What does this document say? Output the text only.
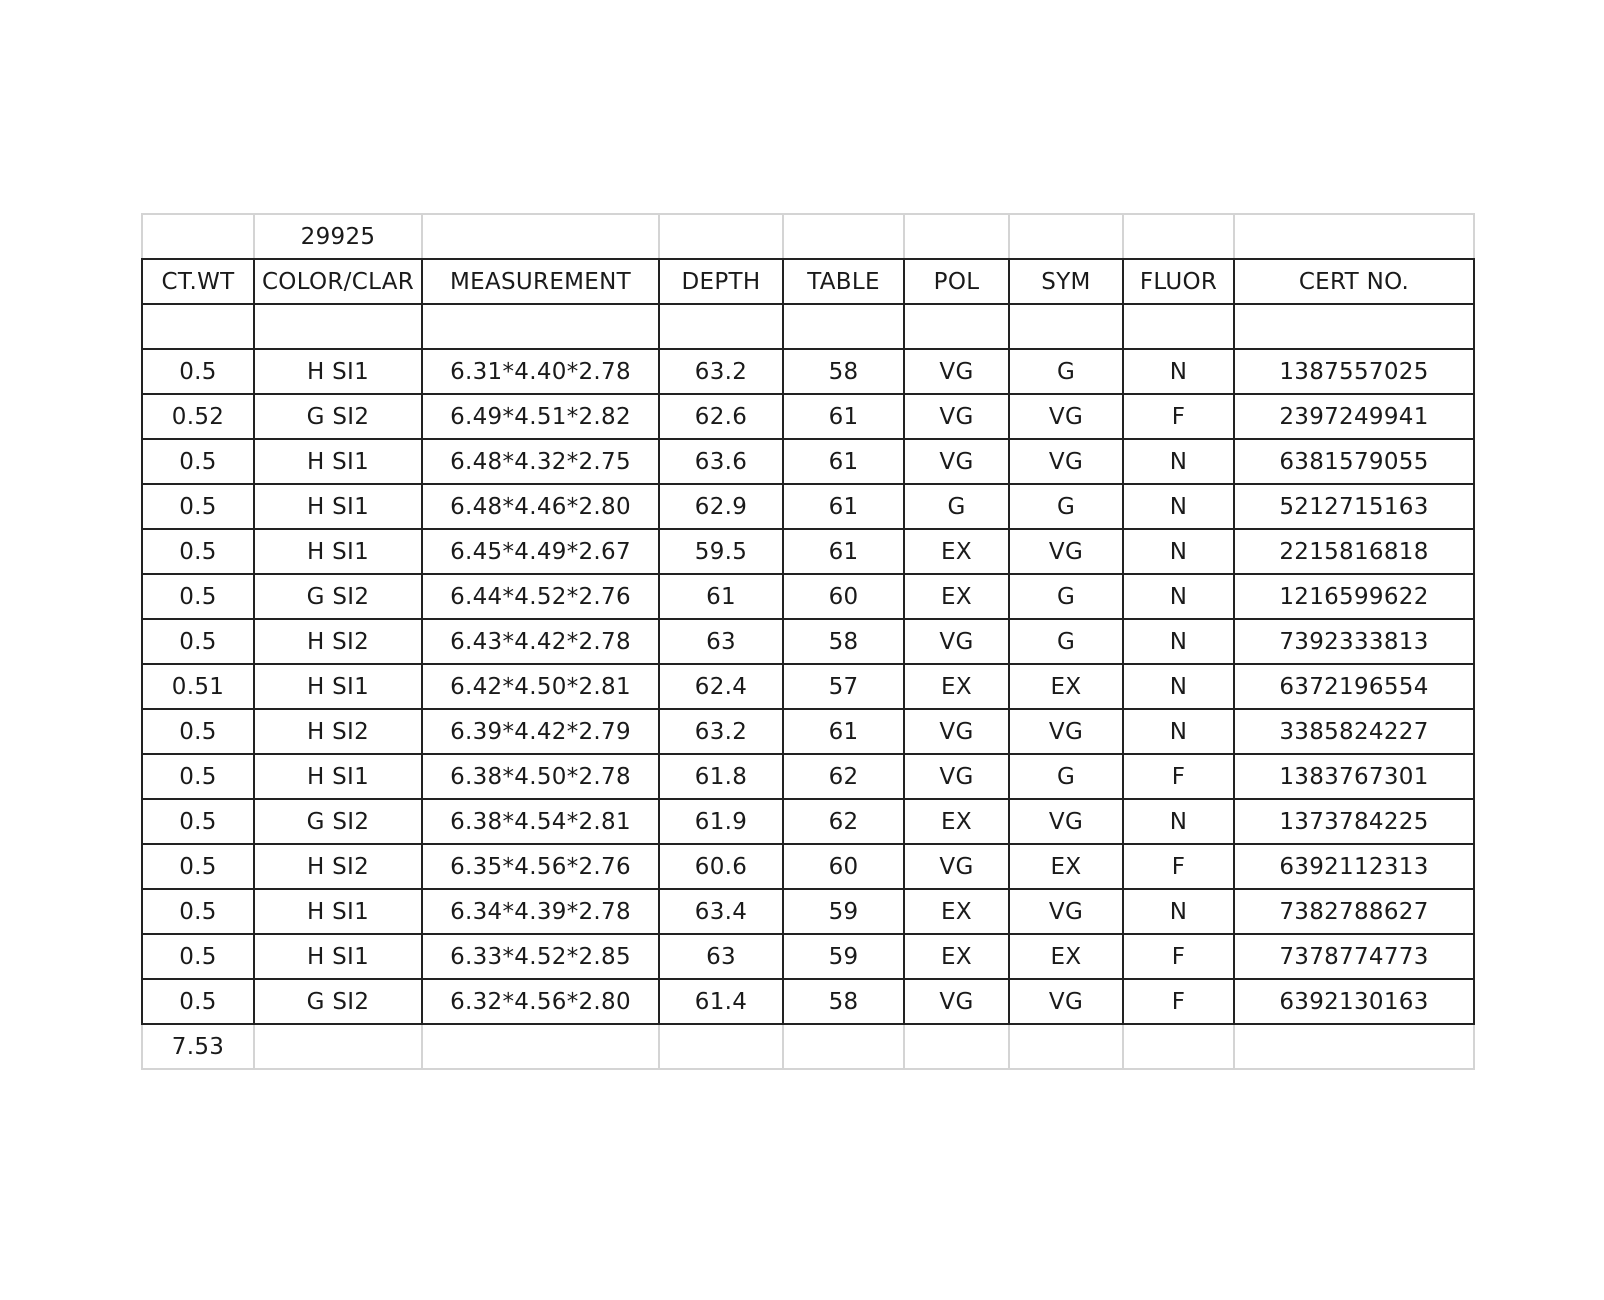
	29925							
CT.WT	COLOR/CLAR	MEASUREMENT	DEPTH	TABLE	POL	SYM	FLUOR	CERT NO.

0.5	H SI1	6.31*4.40*2.78	63.2	58	VG	G	N	1387557025
0.52	G SI2	6.49*4.51*2.82	62.6	61	VG	VG	F	2397249941
0.5	H SI1	6.48*4.32*2.75	63.6	61	VG	VG	N	6381579055
0.5	H SI1	6.48*4.46*2.80	62.9	61	G	G	N	5212715163
0.5	H SI1	6.45*4.49*2.67	59.5	61	EX	VG	N	2215816818
0.5	G SI2	6.44*4.52*2.76	61	60	EX	G	N	1216599622
0.5	H SI2	6.43*4.42*2.78	63	58	VG	G	N	7392333813
0.51	H SI1	6.42*4.50*2.81	62.4	57	EX	EX	N	6372196554
0.5	H SI2	6.39*4.42*2.79	63.2	61	VG	VG	N	3385824227
0.5	H SI1	6.38*4.50*2.78	61.8	62	VG	G	F	1383767301
0.5	G SI2	6.38*4.54*2.81	61.9	62	EX	VG	N	1373784225
0.5	H SI2	6.35*4.56*2.76	60.6	60	VG	EX	F	6392112313
0.5	H SI1	6.34*4.39*2.78	63.4	59	EX	VG	N	7382788627
0.5	H SI1	6.33*4.52*2.85	63	59	EX	EX	F	7378774773
0.5	G SI2	6.32*4.56*2.80	61.4	58	VG	VG	F	6392130163
7.53								
